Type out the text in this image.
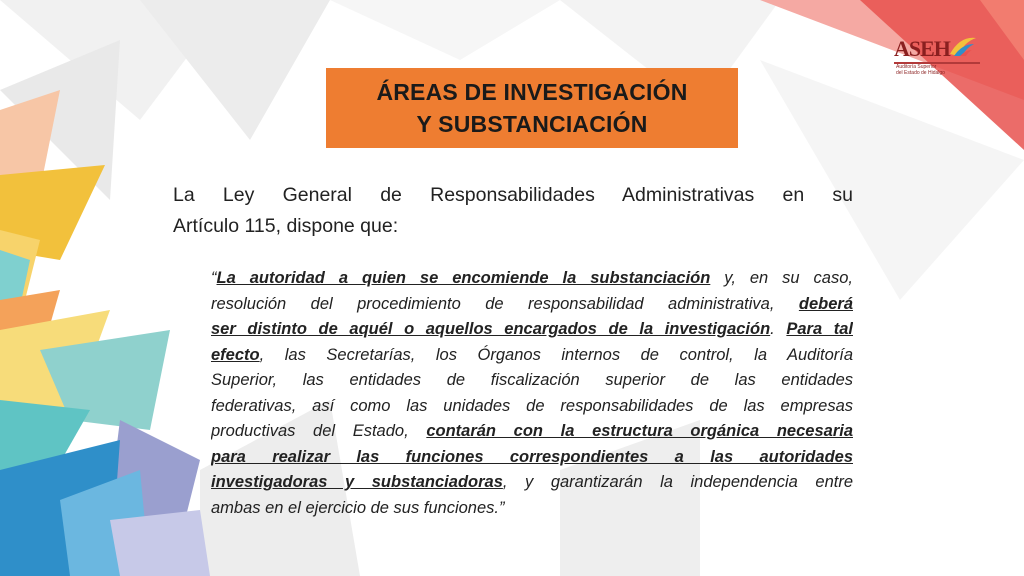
ASEH
Auditoría Superior
del Estado de Hidalgo
ÁREAS DE INVESTIGACIÓN
Y SUBSTANCIACIÓN
La Ley General de Responsabilidades Administrativas en su
Artículo 115, dispone que:
“La autoridad a quien se encomiende la substanciación y, en su caso,
resolución del procedimiento de responsabilidad administrativa, deberá
ser distinto de aquél o aquellos encargados de la investigación. Para tal
efecto, las Secretarías, los Órganos internos de control, la Auditoría
Superior, las entidades de fiscalización superior de las entidades
federativas, así como las unidades de responsabilidades de las empresas
productivas del Estado, contarán con la estructura orgánica necesaria
para realizar las funciones correspondientes a las autoridades
investigadoras y substanciadoras, y garantizarán la independencia entre
ambas en el ejercicio de sus funciones.”
